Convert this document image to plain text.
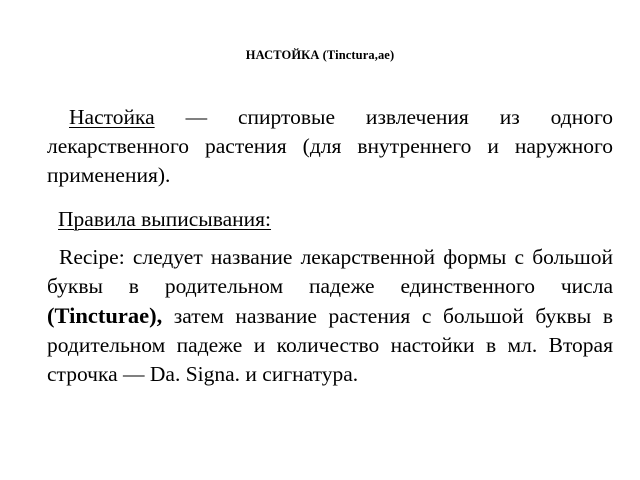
НАСТОЙКА (Tinctura,ae)
Настойка — спиртовые извлечения из одного лекарственного растения (для внутреннего и наружного применения).
Правила выписывания:
Recipe: следует название лекарственной формы с большой буквы в родительном падеже единственного числа (Tincturae), затем название растения с большой буквы в родительном падеже и количество настойки в мл. Вторая строчка — Da. Signa. и сигнатура.
